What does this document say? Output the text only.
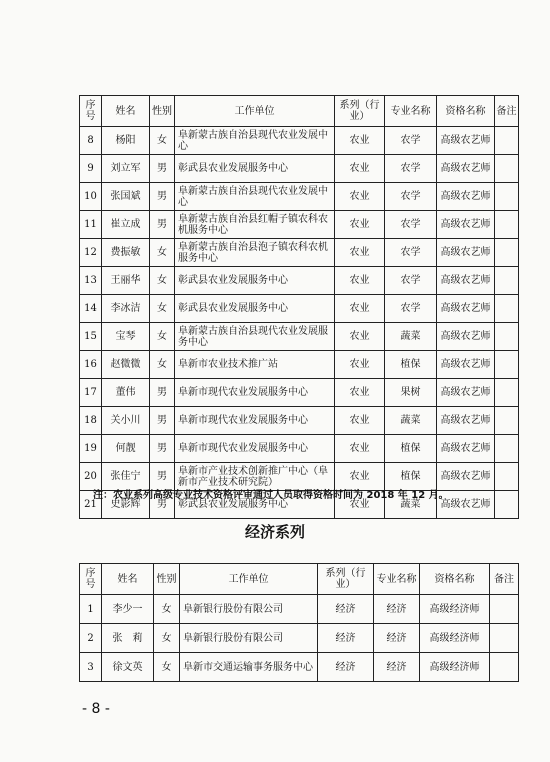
序号	姓名	性别	工作单位	系列（行业）	专业名称	资格名称	备注
8	杨阳	女	阜新蒙古族自治县现代农业发展中心	农业	农学	高级农艺师	
9	刘立军	男	彰武县农业发展服务中心	农业	农学	高级农艺师	
10	张国斌	男	阜新蒙古族自治县现代农业发展中心	农业	农学	高级农艺师	
11	崔立成	男	阜新蒙古族自治县红帽子镇农科农机服务中心	农业	农学	高级农艺师	
12	费振敏	女	阜新蒙古族自治县泡子镇农科农机服务中心	农业	农学	高级农艺师	
13	王丽华	女	彰武县农业发展服务中心	农业	农学	高级农艺师	
14	李冰洁	女	彰武县农业发展服务中心	农业	农学	高级农艺师	
15	宝琴	女	阜新蒙古族自治县现代农业发展服务中心	农业	蔬菜	高级农艺师	
16	赵微微	女	阜新市农业技术推广站	农业	植保	高级农艺师	
17	董伟	男	阜新市现代农业发展服务中心	农业	果树	高级农艺师	
18	关小川	男	阜新市现代农业发展服务中心	农业	蔬菜	高级农艺师	
19	何靓	男	阜新市现代农业发展服务中心	农业	植保	高级农艺师	
20	张佳宁	男	阜新市产业技术创新推广中心（阜新市产业技术研究院）	农业	植保	高级农艺师	
21	史影辉	男	彰武县农业发展服务中心	农业	蔬菜	高级农艺师	
注：农业系列高级专业技术资格评审通过人员取得资格时间为 2018 年 12 月。
经济系列
序号	姓名	性别	工作单位	系列（行业）	专业名称	资格名称	备注
1	李少一	女	阜新银行股份有限公司	经济	经济	高级经济师	
2	张　莉	女	阜新银行股份有限公司	经济	经济	高级经济师	
3	徐文英	女	阜新市交通运输事务服务中心	经济	经济	高级经济师	
- 8 -
